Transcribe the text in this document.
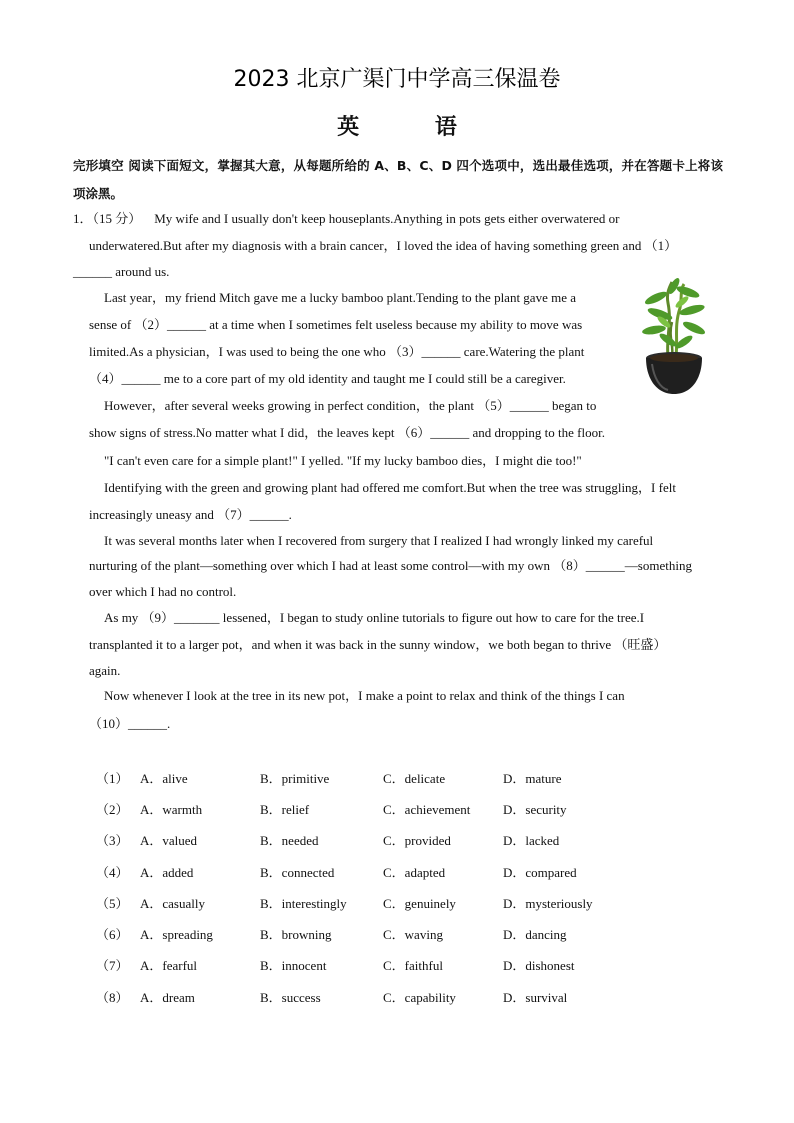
2023 北京广渠门中学高三保温卷
英 语
完形填空 阅读下面短文，掌握其大意，从每题所给的 A、B、C、D 四个选项中，选出最佳选项，并在答题卡上将该项涂黑。
1．（15 分）    My wife and I usually don't keep houseplants.Anything in pots gets either overwatered or
underwatered.But after my diagnosis with a brain cancer，I loved the idea of having something green and （1）
______ around us.
Last year，my friend Mitch gave me a lucky bamboo plant.Tending to the plant gave me a
sense of （2）______ at a time when I sometimes felt useless because my ability to move was
limited.As a physician，I was used to being the one who （3）______ care.Watering the plant
（4）______ me to a core part of my old identity and taught me I could still be a caregiver.
However，after several weeks growing in perfect condition，the plant （5）______ began to
show signs of stress.No matter what I did，the leaves kept （6）______ and dropping to the floor.
"I can't even care for a simple plant!" I yelled. "If my lucky bamboo dies，I might die too!"
Identifying with the green and growing plant had offered me comfort.But when the tree was struggling，I felt
increasingly uneasy and （7）______.
It was several months later when I recovered from surgery that I realized I had wrongly linked my careful
nurturing of the plant—something over which I had at least some control—with my own （8）______—something
over which I had no control.
As my （9）_______ lessened，I began to study online tutorials to figure out how to care for the tree.I
transplanted it to a larger pot，and when it was back in the sunny window，we both began to thrive （旺盛）
again.
Now whenever I look at the tree in its new pot，I make a point to relax and think of the things I can
（10）______.
（1） A．alive	B．primitive	C．delicate	D．mature
（2） A．warmth	B．relief	C．achievement	D．security
（3） A．valued	B．needed	C．provided	D．lacked
（4） A．added	B．connected	C．adapted	D．compared
（5） A．casually	B．interestingly	C．genuinely	D．mysteriously
（6） A．spreading	B．browning	C．waving	D．dancing
（7） A．fearful	B．innocent	C．faithful	D．dishonest
（8） A．dream	B．success	C．capability	D．survival
